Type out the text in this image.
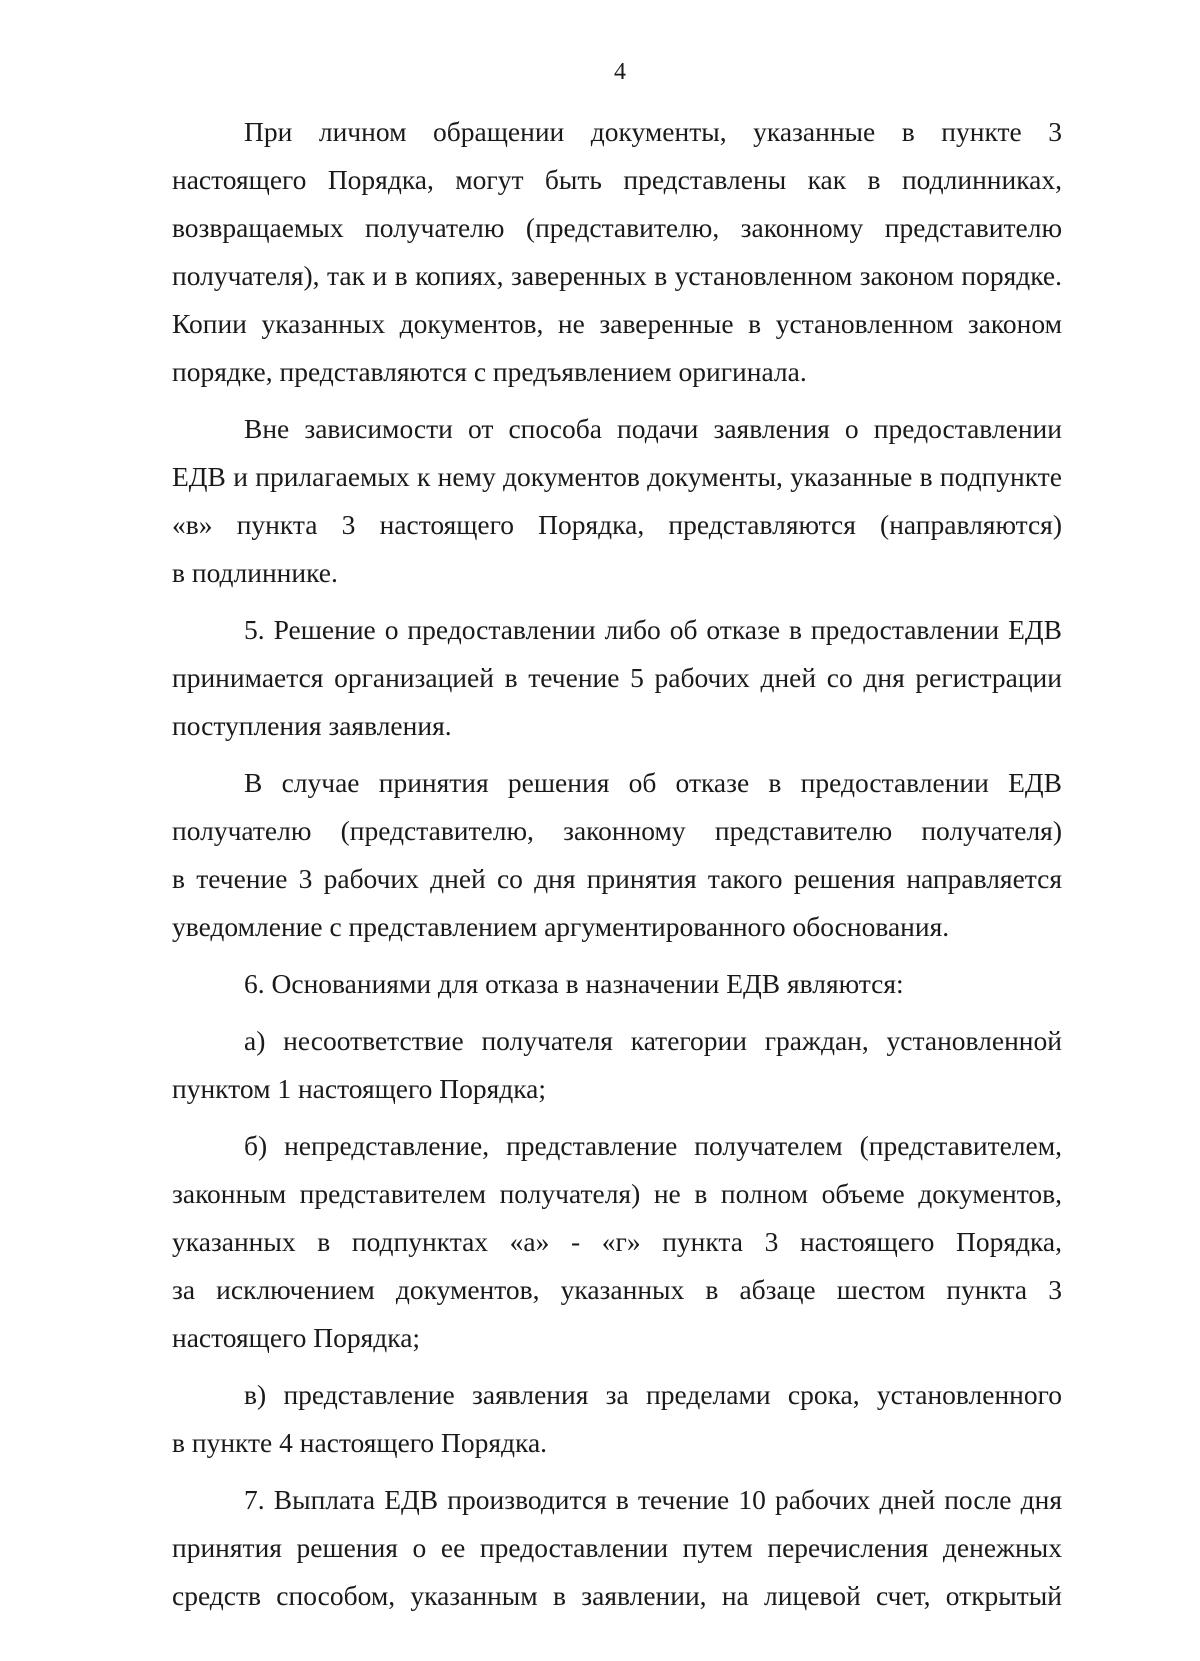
4
При личном обращении документы, указанные в пункте 3
настоящего Порядка, могут быть представлены как в подлинниках,
возвращаемых получателю (представителю, законному представителю
получателя), так и в копиях, заверенных в установленном законом порядке.
Копии указанных документов, не заверенные в установленном законом
порядке, представляются с предъявлением оригинала.
Вне зависимости от способа подачи заявления о предоставлении
ЕДВ и прилагаемых к нему документов документы, указанные в подпункте
«в» пункта 3 настоящего Порядка, представляются (направляются)
в подлиннике.
5. Решение о предоставлении либо об отказе в предоставлении ЕДВ
принимается организацией в течение 5 рабочих дней со дня регистрации
поступления заявления.
В случае принятия решения об отказе в предоставлении ЕДВ
получателю (представителю, законному представителю получателя)
в течение 3 рабочих дней со дня принятия такого решения направляется
уведомление с представлением аргументированного обоснования.
6. Основаниями для отказа в назначении ЕДВ являются:
а) несоответствие получателя категории граждан, установленной
пунктом 1 настоящего Порядка;
б) непредставление, представление получателем (представителем,
законным представителем получателя) не в полном объеме документов,
указанных в подпунктах «а» - «г» пункта 3 настоящего Порядка,
за исключением документов, указанных в абзаце шестом пункта 3
настоящего Порядка;
в) представление заявления за пределами срока, установленного
в пункте 4 настоящего Порядка.
7. Выплата ЕДВ производится в течение 10 рабочих дней после дня
принятия решения о ее предоставлении путем перечисления денежных
средств способом, указанным в заявлении, на лицевой счет, открытый
